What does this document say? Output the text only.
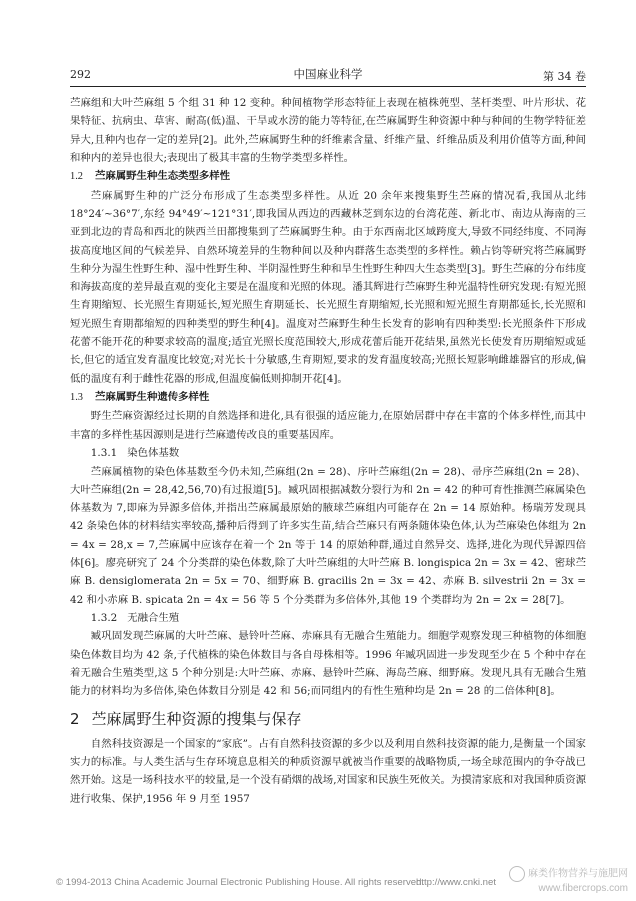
292	中国麻业科学	第 34 卷

苎麻组和大叶苎麻组 5 个组 31 种 12 变种。种间植物学形态特征上表现在植株蔸型、茎杆类型、叶片形状、花果特征、抗病虫、草害、耐高(低)温、干旱或水涝的能力等特征,在苎麻属野生种资源中种与种间的生物学特征差异大,且种内也存一定的差异[2]。此外,苎麻属野生种的纤维素含量、纤维产量、纤维品质及利用价值等方面,种间和种内的差异也很大;表现出了极其丰富的生物学类型多样性。

1.2 苎麻属野生种生态类型多样性

苎麻属野生种的广泛分布形成了生态类型多样性。从近 20 余年来搜集野生苎麻的情况看,我国从北纬 18°24′~36°7′,东经 94°49′~121°31′,即我国从西边的西藏林芝到东边的台湾花莲、新北市、南边从海南的三亚到北边的青岛和西北的陕西兰田都搜集到了苎麻属野生种。由于东西南北区域跨度大,导致不同经纬度、不同海拔高度地区间的气候差异、自然环境差异的生物种间以及种内群落生态类型的多样性。赖占钧等研究将苎麻属野生种分为湿生性野生种、湿中性野生种、半阴湿性野生种和旱生性野生种四大生态类型[3]。野生苎麻的分布纬度和海拔高度的差异最直观的变化主要是在温度和光照的体现。潘其辉进行苎麻野生种光温特性研究发现:有短光照生育期缩短、长光照生育期延长,短光照生育期延长、长光照生育期缩短,长光照和短光照生育期都延长,长光照和短光照生育期都缩短的四种类型的野生种[4]。温度对苎麻野生种生长发育的影响有四种类型:长光照条件下形成花蕾不能开花的种要求较高的温度;适宜光照长度范围较大,形成花蕾后能开花结果,虽然光长使发育历期缩短或延长,但它的适宜发育温度比较宽;对光长十分敏感,生育期短,要求的发育温度较高;光照长短影响雌雄器官的形成,偏低的温度有利于雌性花器的形成,但温度偏低则抑制开花[4]。

1.3 苎麻属野生种遗传多样性

野生苎麻资源经过长期的自然选择和进化,具有很强的适应能力,在原始居群中存在丰富的个体多样性,而其中丰富的多样性基因源则是进行苎麻遗传改良的重要基因库。

1.3.1 染色体基数

苎麻属植物的染色体基数至今仍未知,苎麻组(2n = 28)、序叶苎麻组(2n = 28)、帚序苎麻组(2n = 28)、大叶苎麻组(2n = 28,42,56,70)有过报道[5]。臧巩固根据减数分裂行为和 2n = 42 的种可育性推测苎麻属染色体基数为 7,即麻为异源多倍体,并指出苎麻属最原始的腋球苎麻组内可能存在 2n = 14 原始种。杨瑞芳发现具 42 条染色体的材料结实率较高,播种后得到了许多实生苗,结合苎麻只有两条随体染色体,认为苎麻染色体组为 2n = 4x = 28,x = 7,苎麻属中应该存在着一个 2n 等于 14 的原始种群,通过自然异交、选择,进化为现代异源四倍体[6]。廖亮研究了 24 个分类群的染色体数,除了大叶苎麻组的大叶苎麻 B. longispica 2n = 3x = 42、密球苎麻 B. densiglomerata 2n = 5x = 70、细野麻 B. gracilis 2n = 3x = 42、赤麻 B. silvestrii 2n = 3x = 42 和小赤麻 B. spicata 2n = 4x = 56 等 5 个分类群为多倍体外,其他 19 个类群均为 2n = 2x = 28[7]。

1.3.2 无融合生殖

臧巩固发现苎麻属的大叶苎麻、悬铃叶苎麻、赤麻具有无融合生殖能力。细胞学观察发现三种植物的体细胞染色体数目均为 42 条,子代植株的染色体数目与各自母株相等。1996 年臧巩固进一步发现至少在 5 个种中存在着无融合生殖类型,这 5 个种分别是:大叶苎麻、赤麻、悬铃叶苎麻、海岛苎麻、细野麻。发现凡具有无融合生殖能力的材料均为多倍体,染色体数目分别是 42 和 56;而同组内的有性生殖种均是 2n = 28 的二倍体种[8]。

2 苎麻属野生种资源的搜集与保存

自然科技资源是一个国家的“家底”。占有自然科技资源的多少以及利用自然科技资源的能力,是衡量一个国家实力的标准。与人类生活与生存环境息息相关的种质资源早就被当作重要的战略物质,一场全球范围内的争夺战已然开始。这是一场科技水平的较量,是一个没有硝烟的战场,对国家和民族生死攸关。为摸清家底和对我国种质资源进行收集、保护,1956 年 9 月至 1957

© 1994-2013 China Academic Journal Electronic Publishing House. All rights reserved.
http://www.cnki.net
麻类作物营养与施肥网
www.fibercrops.com
